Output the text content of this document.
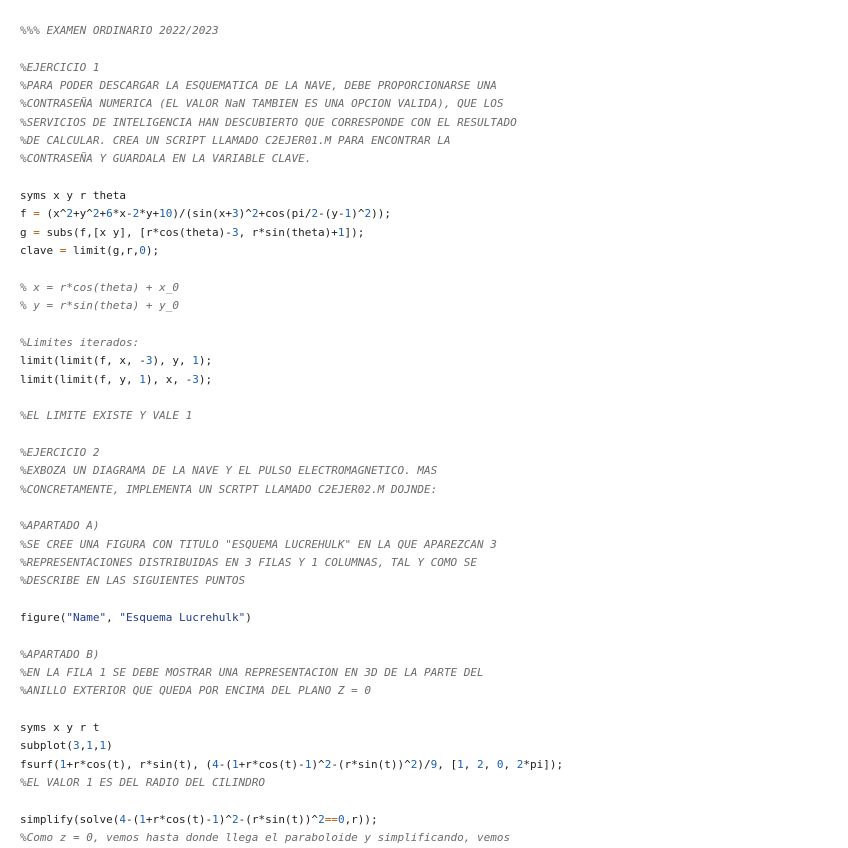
%%% EXAMEN ORDINARIO 2022/2023

%EJERCICIO 1
%PARA PODER DESCARGAR LA ESQUEMATICA DE LA NAVE, DEBE PROPORCIONARSE UNA
%CONTRASEÑA NUMERICA (EL VALOR NaN TAMBIEN ES UNA OPCION VALIDA), QUE LOS
%SERVICIOS DE INTELIGENCIA HAN DESCUBIERTO QUE CORRESPONDE CON EL RESULTADO
%DE CALCULAR. CREA UN SCRIPT LLAMADO C2EJER01.M PARA ENCONTRAR LA
%CONTRASEÑA Y GUARDALA EN LA VARIABLE CLAVE.

syms x y r theta
f = (x^2+y^2+6*x-2*y+10)/(sin(x+3)^2+cos(pi/2-(y-1)^2));
g = subs(f,[x y], [r*cos(theta)-3, r*sin(theta)+1]);
clave = limit(g,r,0);

% x = r*cos(theta) + x_0
% y = r*sin(theta) + y_0

%Limites iterados:
limit(limit(f, x, -3), y, 1);
limit(limit(f, y, 1), x, -3);

%EL LIMITE EXISTE Y VALE 1

%EJERCICIO 2
%EXBOZA UN DIAGRAMA DE LA NAVE Y EL PULSO ELECTROMAGNETICO. MAS
%CONCRETAMENTE, IMPLEMENTA UN SCRTPT LLAMADO C2EJER02.M DOJNDE:

%APARTADO A)
%SE CREE UNA FIGURA CON TITULO "ESQUEMA LUCREHULK" EN LA QUE APAREZCAN 3
%REPRESENTACIONES DISTRIBUIDAS EN 3 FILAS Y 1 COLUMNAS, TAL Y COMO SE
%DESCRIBE EN LAS SIGUIENTES PUNTOS

figure("Name", "Esquema Lucrehulk")

%APARTADO B)
%EN LA FILA 1 SE DEBE MOSTRAR UNA REPRESENTACION EN 3D DE LA PARTE DEL
%ANILLO EXTERIOR QUE QUEDA POR ENCIMA DEL PLANO Z = 0

syms x y r t
subplot(3,1,1)
fsurf(1+r*cos(t), r*sin(t), (4-(1+r*cos(t)-1)^2-(r*sin(t))^2)/9, [1, 2, 0, 2*pi]);
%EL VALOR 1 ES DEL RADIO DEL CILINDRO

simplify(solve(4-(1+r*cos(t)-1)^2-(r*sin(t))^2==0,r));
%Como z = 0, vemos hasta donde llega el paraboloide y simplificando, vemos
